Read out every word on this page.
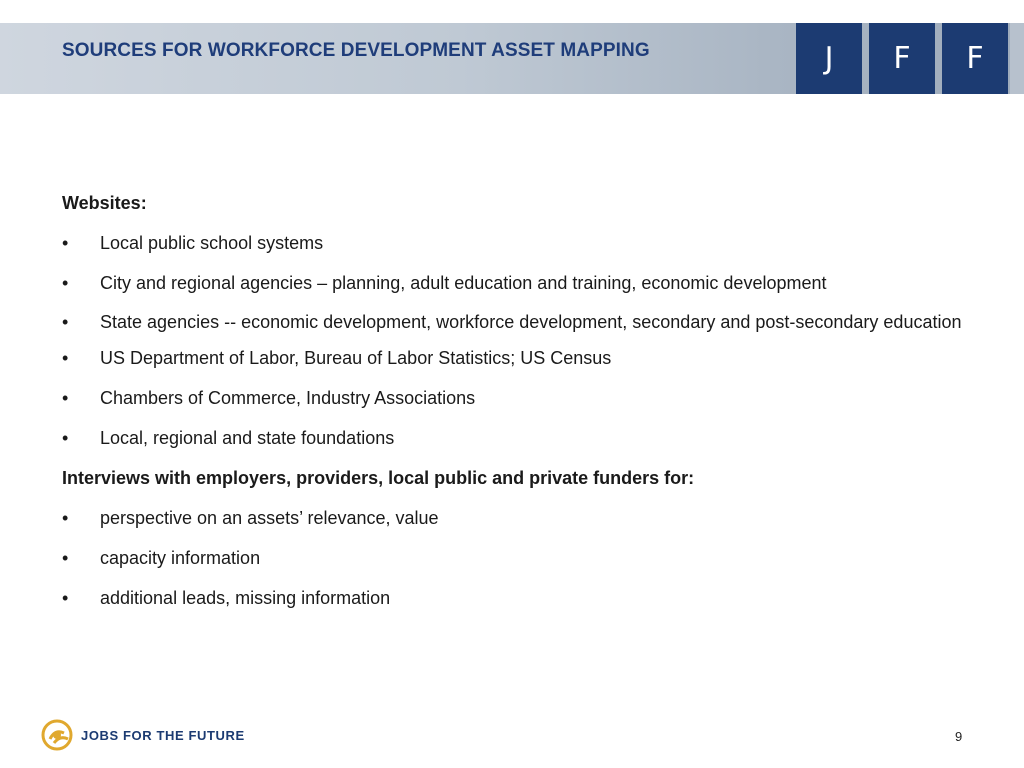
SOURCES FOR WORKFORCE DEVELOPMENT ASSET MAPPING	J	F	F
Websites:
• Local public school systems
• City and regional agencies – planning, adult education and training, economic development
• State agencies -- economic development, workforce development, secondary and post-secondary education
• US Department of Labor, Bureau of Labor Statistics; US Census
• Chambers of Commerce, Industry Associations
• Local, regional and state foundations
Interviews with employers, providers, local public and private funders for:
• perspective on an assets’ relevance, value
• capacity information
• additional leads, missing information
JOBS FOR THE FUTURE	9
